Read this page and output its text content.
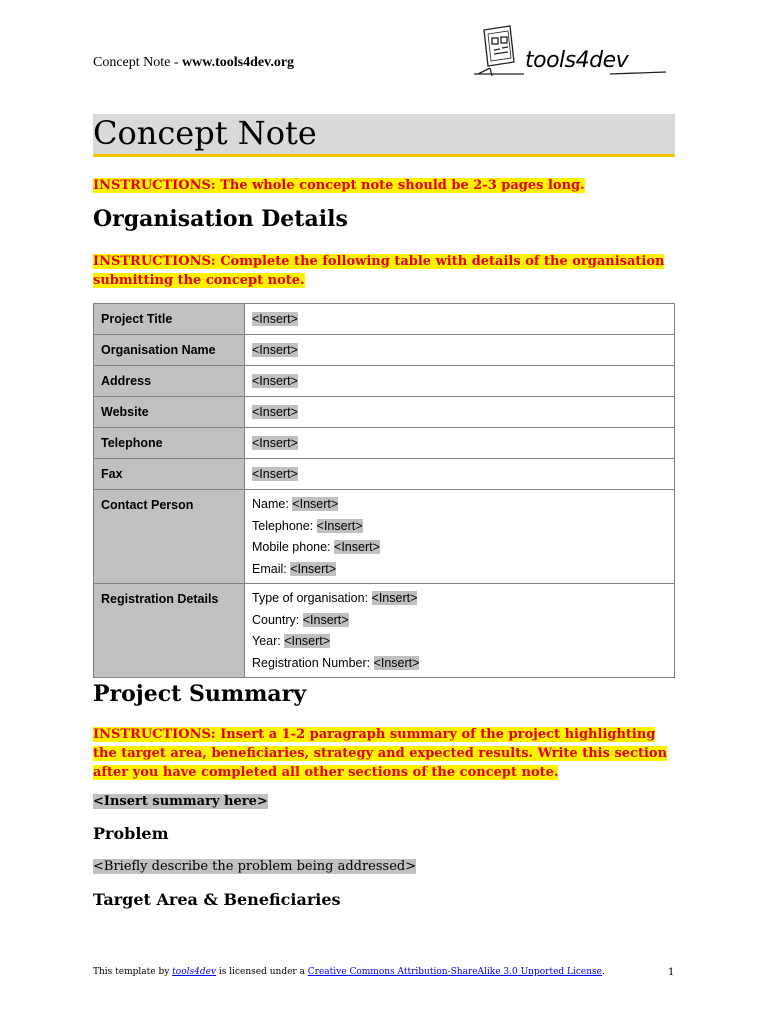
Concept Note - www.tools4dev.org	tools4dev
Concept Note
INSTRUCTIONS: The whole concept note should be 2-3 pages long.
Organisation Details
INSTRUCTIONS: Complete the following table with details of the organisation
submitting the concept note.
Project Title	<Insert>
Organisation Name	<Insert>
Address	<Insert>
Website	<Insert>
Telephone	<Insert>
Fax	<Insert>
Contact Person	Name: <Insert>
Telephone: <Insert>
Mobile phone: <Insert>
Email: <Insert>

Registration Details	Type of organisation: <Insert>
Country: <Insert>
Year: <Insert>
Registration Number: <Insert>
Project Summary
INSTRUCTIONS: Insert a 1-2 paragraph summary of the project highlighting
the target area, beneficiaries, strategy and expected results. Write this section
after you have completed all other sections of the concept note.
<Insert summary here>
Problem
<Briefly describe the problem being addressed>
Target Area & Beneficiaries
This template by tools4dev is licensed under a Creative Commons Attribution-ShareAlike 3.0 Unported License.	1
